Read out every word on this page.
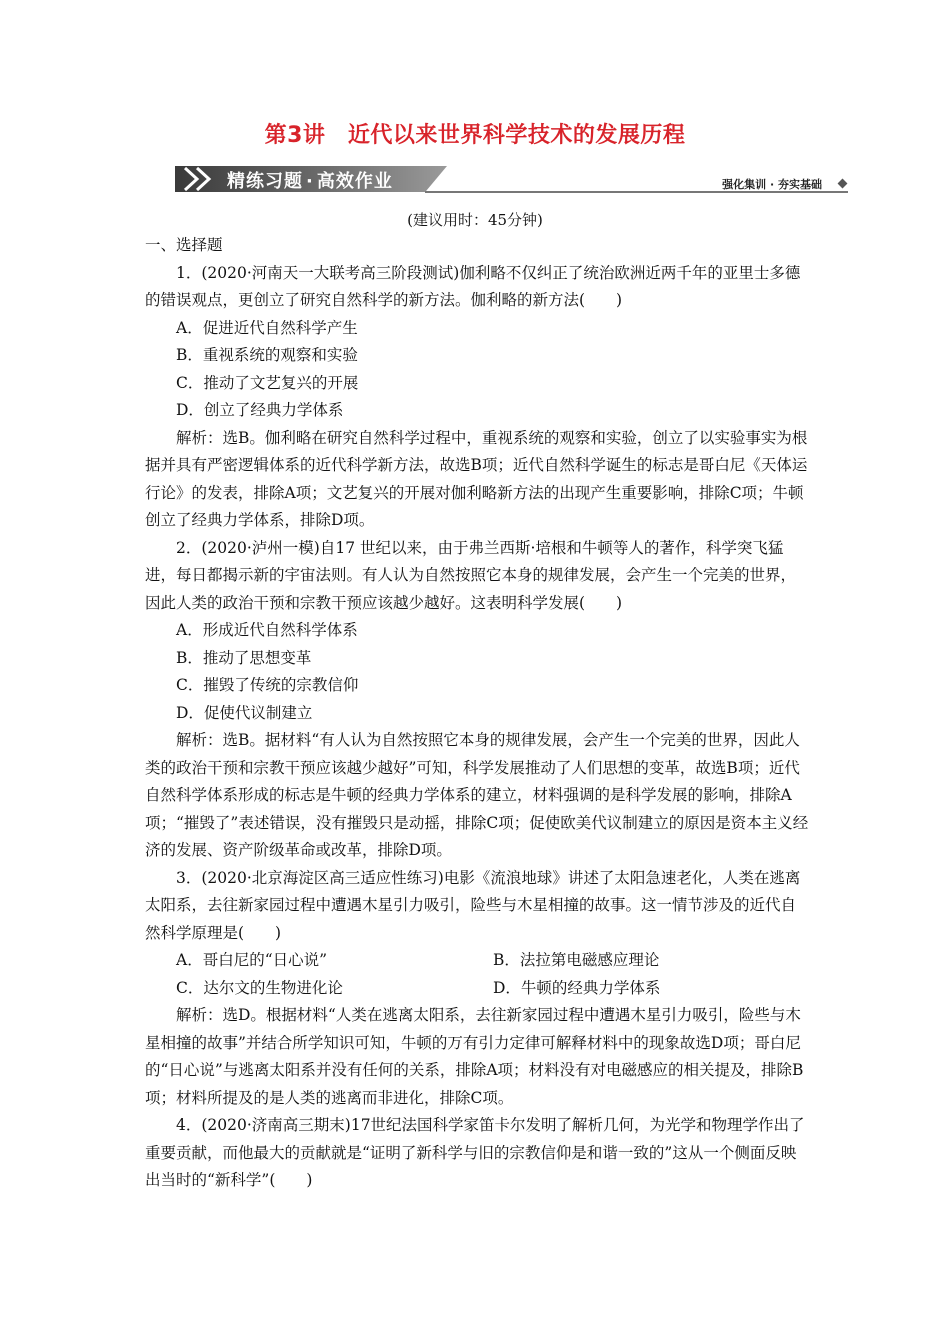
第3讲　近代以来世界科学技术的发展历程
精练习题 · 高效作业	强化集训 · 夯实基础
(建议用时：45分钟)

一、选择题

1．(2020·河南天一大联考高三阶段测试)伽利略不仅纠正了统治欧洲近两千年的亚里士多德的错误观点，更创立了研究自然科学的新方法。伽利略的新方法(　　)

A．促进近代自然科学产生

B．重视系统的观察和实验

C．推动了文艺复兴的开展

D．创立了经典力学体系

解析：选B。伽利略在研究自然科学过程中，重视系统的观察和实验，创立了以实验事实为根据并具有严密逻辑体系的近代科学新方法，故选B项；近代自然科学诞生的标志是哥白尼《天体运行论》的发表，排除A项；文艺复兴的开展对伽利略新方法的出现产生重要影响，排除C项；牛顿创立了经典力学体系，排除D项。

2．(2020·泸州一模)自17 世纪以来，由于弗兰西斯·培根和牛顿等人的著作，科学突飞猛进，每日都揭示新的宇宙法则。有人认为自然按照它本身的规律发展，会产生一个完美的世界，因此人类的政治干预和宗教干预应该越少越好。这表明科学发展(　　)

A．形成近代自然科学体系

B．推动了思想变革

C．摧毁了传统的宗教信仰

D．促使代议制建立

解析：选B。据材料“有人认为自然按照它本身的规律发展，会产生一个完美的世界，因此人类的政治干预和宗教干预应该越少越好”可知，科学发展推动了人们思想的变革，故选B项；近代自然科学体系形成的标志是牛顿的经典力学体系的建立，材料强调的是科学发展的影响，排除A项；“摧毁了”表述错误，没有摧毁只是动摇，排除C项；促使欧美代议制建立的原因是资本主义经济的发展、资产阶级革命或改革，排除D项。

3．(2020·北京海淀区高三适应性练习)电影《流浪地球》讲述了太阳急速老化，人类在逃离太阳系，去往新家园过程中遭遇木星引力吸引，险些与木星相撞的故事。这一情节涉及的近代自然科学原理是(　　)

A．哥白尼的“日心说”	B．法拉第电磁感应理论
C．达尔文的生物进化论	D．牛顿的经典力学体系

解析：选D。根据材料“人类在逃离太阳系，去往新家园过程中遭遇木星引力吸引，险些与木星相撞的故事”并结合所学知识可知，牛顿的万有引力定律可解释材料中的现象故选D项；哥白尼的“日心说”与逃离太阳系并没有任何的关系，排除A项；材料没有对电磁感应的相关提及，排除B项；材料所提及的是人类的逃离而非进化，排除C项。

4．(2020·济南高三期末)17世纪法国科学家笛卡尔发明了解析几何，为光学和物理学作出了重要贡献，而他最大的贡献就是“证明了新科学与旧的宗教信仰是和谐一致的”这从一个侧面反映出当时的“新科学”(　　)
